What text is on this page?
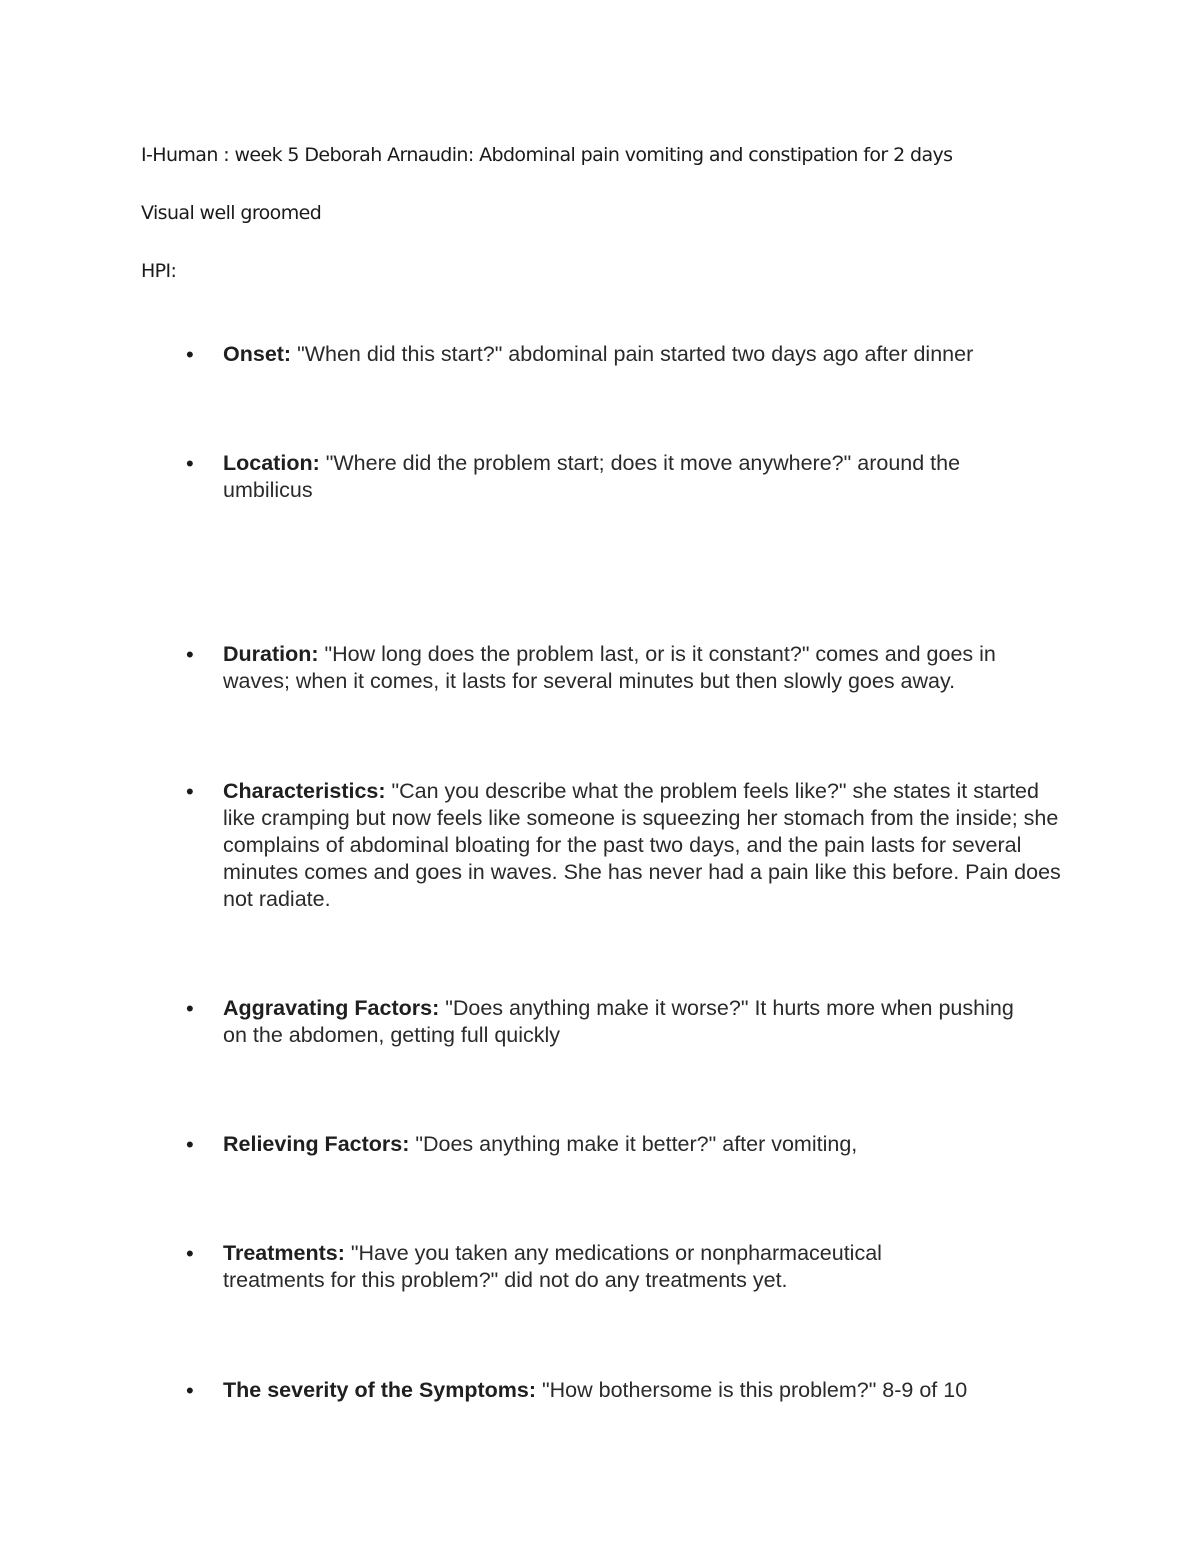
I-Human : week 5 Deborah Arnaudin: Abdominal pain vomiting and constipation for 2 days
Visual well groomed
HPI:
• Onset: "When did this start?" abdominal pain started two days ago after dinner
• Location: "Where did the problem start; does it move anywhere?" around the umbilicus
• Duration: "How long does the problem last, or is it constant?" comes and goes in waves; when it comes, it lasts for several minutes but then slowly goes away.
• Characteristics: "Can you describe what the problem feels like?" she states it started like cramping but now feels like someone is squeezing her stomach from the inside; she complains of abdominal bloating for the past two days, and the pain lasts for several minutes comes and goes in waves. She has never had a pain like this before. Pain does not radiate.
• Aggravating Factors: "Does anything make it worse?" It hurts more when pushing on the abdomen, getting full quickly
• Relieving Factors: "Does anything make it better?" after vomiting,
• Treatments: "Have you taken any medications or nonpharmaceutical treatments for this problem?" did not do any treatments yet.
• The severity of the Symptoms: "How bothersome is this problem?" 8-9 of 10
